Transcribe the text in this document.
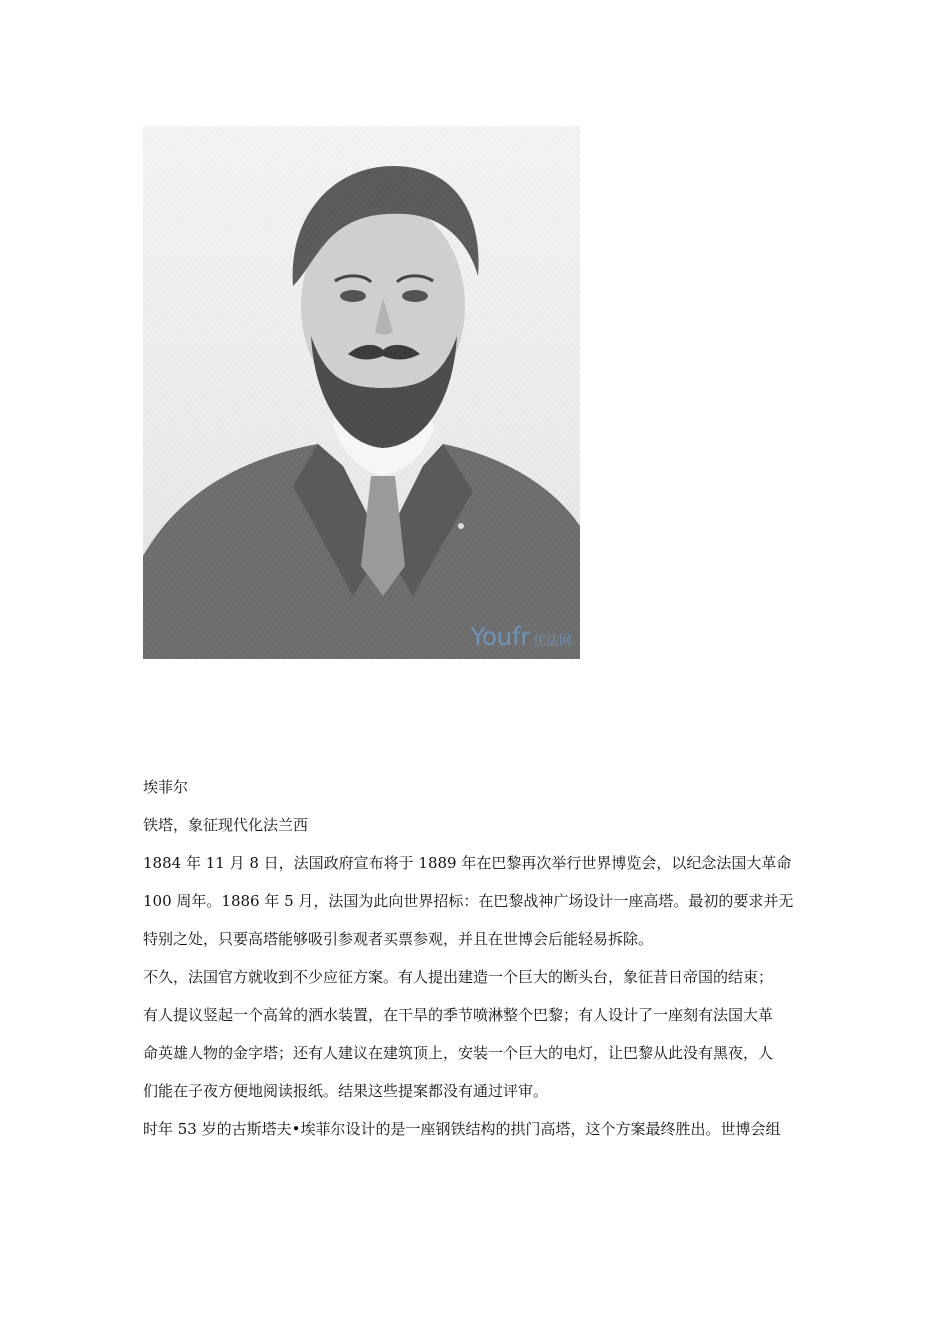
Youfr 优法网
埃菲尔
铁塔，象征现代化法兰西
1884 年 11 月 8 日，法国政府宣布将于 1889 年在巴黎再次举行世界博览会，以纪念法国大革命
100 周年。1886 年 5 月，法国为此向世界招标：在巴黎战神广场设计一座高塔。最初的要求并无
特别之处，只要高塔能够吸引参观者买票参观，并且在世博会后能轻易拆除。
不久，法国官方就收到不少应征方案。有人提出建造一个巨大的断头台，象征昔日帝国的结束；
有人提议竖起一个高耸的洒水装置，在干旱的季节喷淋整个巴黎；有人设计了一座刻有法国大革
命英雄人物的金字塔；还有人建议在建筑顶上，安装一个巨大的电灯，让巴黎从此没有黑夜，人
们能在子夜方便地阅读报纸。结果这些提案都没有通过评审。
时年 53 岁的古斯塔夫•埃菲尔设计的是一座钢铁结构的拱门高塔，这个方案最终胜出。世博会组
